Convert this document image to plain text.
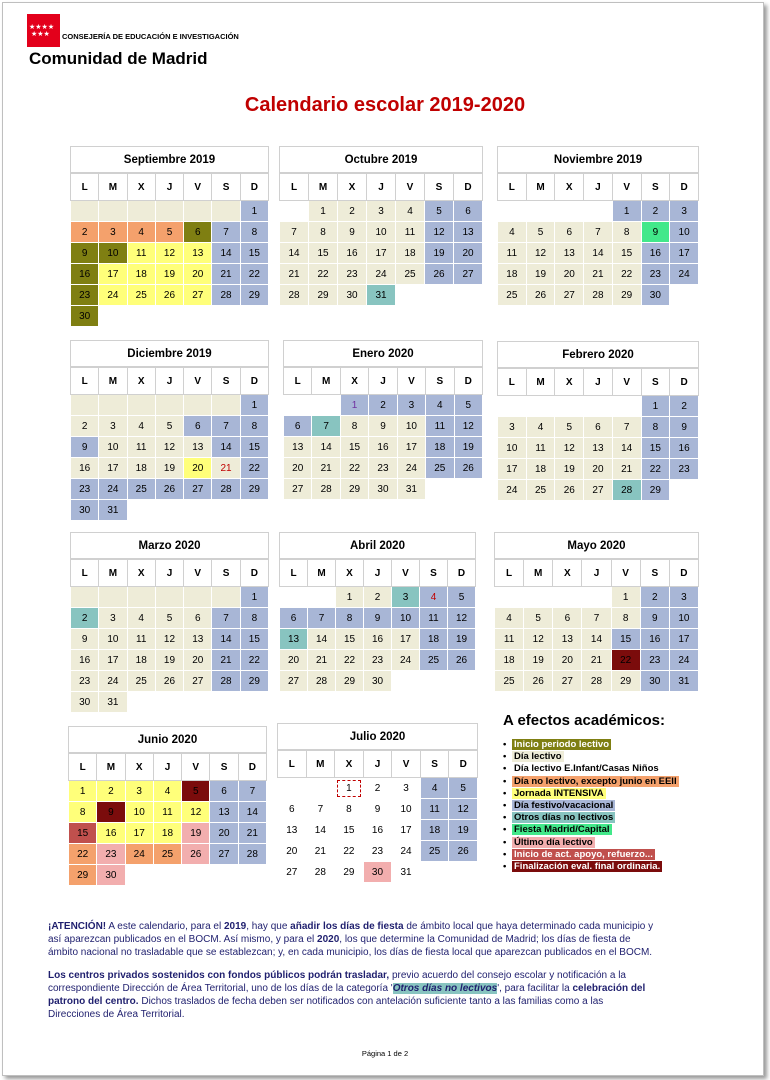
★★★★
★★★	CONSEJERÍA DE EDUCACIÓN E INVESTIGACIÓN
Comunidad de Madrid
Calendario escolar 2019-2020
Septiembre 2019
L	M	X	J	V	S	D
						1
2	3	4	5	6	7	8
9	10	11	12	13	14	15
16	17	18	19	20	21	22
23	24	25	26	27	28	29
30						
Octubre 2019
L	M	X	J	V	S	D
	1	2	3	4	5	6
7	8	9	10	11	12	13
14	15	16	17	18	19	20
21	22	23	24	25	26	27
28	29	30	31			
Noviembre 2019
L	M	X	J	V	S	D
				1	2	3
4	5	6	7	8	9	10
11	12	13	14	15	16	17
18	19	20	21	22	23	24
25	26	27	28	29	30	
Diciembre 2019
L	M	X	J	V	S	D
						1
2	3	4	5	6	7	8
9	10	11	12	13	14	15
16	17	18	19	20	21	22
23	24	25	26	27	28	29
30	31					
Enero 2020
L	M	X	J	V	S	D
		1	2	3	4	5
6	7	8	9	10	11	12
13	14	15	16	17	18	19
20	21	22	23	24	25	26
27	28	29	30	31		
Febrero 2020
L	M	X	J	V	S	D
					1	2
3	4	5	6	7	8	9
10	11	12	13	14	15	16
17	18	19	20	21	22	23
24	25	26	27	28	29	
Marzo 2020
L	M	X	J	V	S	D
						1
2	3	4	5	6	7	8
9	10	11	12	13	14	15
16	17	18	19	20	21	22
23	24	25	26	27	28	29
30	31					
Abril 2020
L	M	X	J	V	S	D
		1	2	3	4	5
6	7	8	9	10	11	12
13	14	15	16	17	18	19
20	21	22	23	24	25	26
27	28	29	30			
Mayo 2020
L	M	X	J	V	S	D
				1	2	3
4	5	6	7	8	9	10
11	12	13	14	15	16	17
18	19	20	21	22	23	24
25	26	27	28	29	30	31
Junio 2020
L	M	X	J	V	S	D
1	2	3	4	5	6	7
8	9	10	11	12	13	14
15	16	17	18	19	20	21
22	23	24	25	26	27	28
29	30					
Julio 2020
L	M	X	J	V	S	D
		1	2	3	4	5
6	7	8	9	10	11	12
13	14	15	16	17	18	19
20	21	22	23	24	25	26
27	28	29	30	31		
A efectos académicos:
• Inicio periodo lectivo
• Día lectivo
• Día lectivo E.Infant/Casas Niños
• Día no lectivo, excepto junio en EEII
• Jornada INTENSIVA
• Día festivo/vacacional
• Otros días no lectivos
• Fiesta Madrid/Capital
• Último día lectivo
• Inicio de act. apoyo, refuerzo...
• Finalización eval. final ordinaria.

¡ATENCIÓN! A este calendario, para el 2019, hay que añadir los días de fiesta de ámbito local que haya determinado cada municipio y así aparezcan publicados en el BOCM. Así mismo, y para el 2020, los que determine la Comunidad de Madrid; los días de fiesta de ámbito nacional no trasladable que se establezcan; y, en cada municipio, los días de fiesta local que aparezcan publicados en el BOCM.

Los centros privados sostenidos con fondos públicos podrán trasladar, previo acuerdo del consejo escolar y notificación a la correspondiente Dirección de Área Territorial, uno de los días de la categoría 'Otros días no lectivos', para facilitar la celebración del patrono del centro. Dichos traslados de fecha deben ser notificados con antelación suficiente tanto a las familias como a las Direcciones de Área Territorial.

Página 1 de 2
